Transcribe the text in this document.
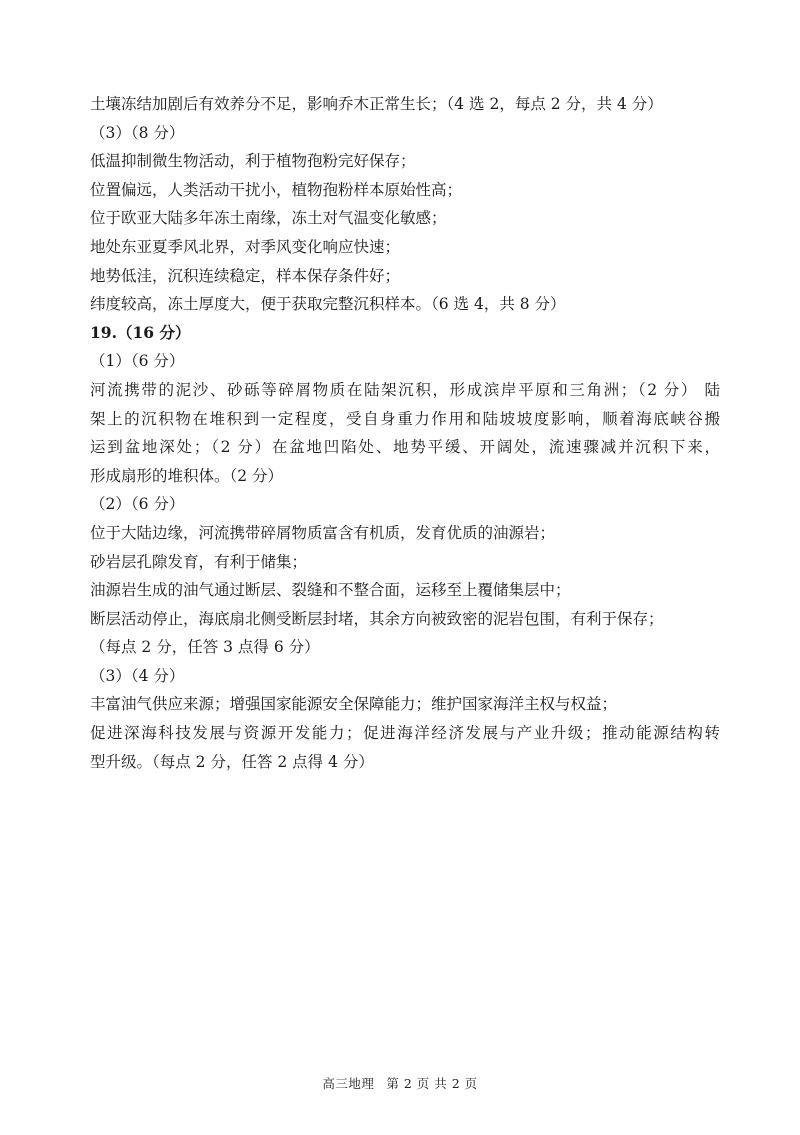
土壤冻结加剧后有效养分不足，影响乔木正常生长；（4 选 2，每点 2 分，共 4 分）
（3）（8 分）
低温抑制微生物活动，利于植物孢粉完好保存；
位置偏远，人类活动干扰小，植物孢粉样本原始性高；
位于欧亚大陆多年冻土南缘，冻土对气温变化敏感；
地处东亚夏季风北界，对季风变化响应快速；
地势低洼，沉积连续稳定，样本保存条件好；
纬度较高，冻土厚度大，便于获取完整沉积样本。（6 选 4，共 8 分）
19.（16 分）
（1）（6 分）
河流携带的泥沙、砂砾等碎屑物质在陆架沉积，形成滨岸平原和三角洲；（2 分） 陆
架上的沉积物在堆积到一定程度，受自身重力作用和陆坡坡度影响，顺着海底峡谷搬
运到盆地深处；（2 分）在盆地凹陷处、地势平缓、开阔处，流速骤减并沉积下来，
形成扇形的堆积体。（2 分）
（2）（6 分）
位于大陆边缘，河流携带碎屑物质富含有机质，发育优质的油源岩；
砂岩层孔隙发育，有利于储集；
油源岩生成的油气通过断层、裂缝和不整合面，运移至上覆储集层中；
断层活动停止，海底扇北侧受断层封堵，其余方向被致密的泥岩包围，有利于保存；
（每点 2 分，任答 3 点得 6 分）
（3）（4 分）
丰富油气供应来源；增强国家能源安全保障能力；维护国家海洋主权与权益；
促进深海科技发展与资源开发能力；促进海洋经济发展与产业升级；推动能源结构转
型升级。（每点 2 分，任答 2 点得 4 分）
高三地理 第 2 页 共 2 页
